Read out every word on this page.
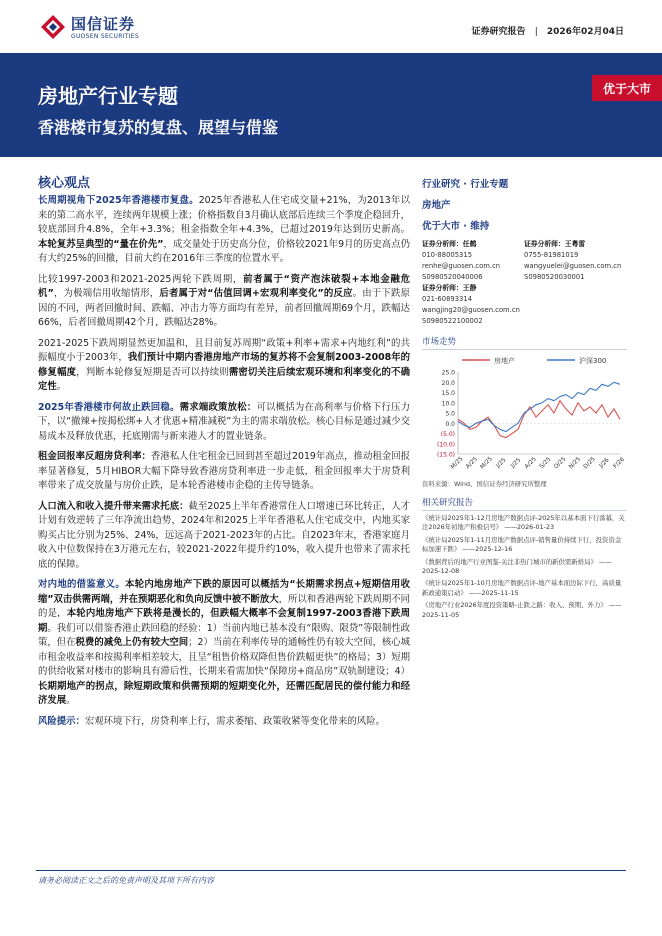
国信证券
GUOSEN SECURITIES	证券研究报告 | 2026年02月04日
房地产行业专题
香港楼市复苏的复盘、展望与借鉴
优于大市
核心观点

长周期视角下2025年香港楼市复盘。2025年香港私人住宅成交量+21%，为2013年以来的第二高水平，连续两年规模上涨；价格指数自3月确认底部后连续三个季度企稳回升，较底部回升4.8%，全年+3.3%；租金指数全年+4.3%，已超过2019年达到历史新高。本轮复苏呈典型的“量在价先”，成交量处于历史高分位，价格较2021年9月的历史高点仍有大约25%的回撤，目前大约在2016年三季度的位置水平。

比较1997-2003和2021-2025两轮下跌周期，前者属于“资产泡沫破裂+本地金融危机”，为极端信用收缩情形，后者属于对“估值回调+宏观利率变化”的反应。由于下跌原因的不同，两者回撤时间、跌幅、冲击力等方面均有差异，前者回撤周期69个月，跌幅达66%，后者回撤周期42个月，跌幅达28%。

2021-2025下跌周期显然更加温和，且目前复苏周期“政策+利率+需求+内地红利”的共振幅度小于2003年，我们预计中期内香港房地产市场的复苏将不会复制2003-2008年的修复幅度，判断本轮修复短期是否可以持续则需密切关注后续宏观环境和利率变化的不确定性。

2025年香港楼市何故止跌回稳。需求端政策放松：可以概括为在高利率与价格下行压力下，以“撤辣+按揭松绑+人才优惠+精准减税”为主的需求端放松。核心目标是通过减少交易成本及释放优惠，托底刚需与新来港人才的置业链条。

租金回报率反超房贷利率：香港私人住宅租金已回到甚至超过2019年高点，推动租金回报率显著修复，5月HIBOR大幅下降导致香港房贷利率进一步走低，租金回报率大于房贷利率带来了成交放量与房价止跌，是本轮香港楼市企稳的主传导链条。

人口流入和收入提升带来需求托底：截至2025上半年香港常住人口增速已环比转正，人才计划有效逆转了三年净流出趋势，2024年和2025上半年香港私人住宅成交中，内地买家购买占比分别为25%、24%，远远高于2021-2023年的占比。自2023年末，香港家庭月收入中位数保持在3万港元左右，较2021-2022年提升约10%，收入提升也带来了需求托底的保障。

对内地的借鉴意义。本轮内地房地产下跌的原因可以概括为“长期需求拐点+短期信用收缩”双击供需两端，并在预期恶化和负向反馈中被不断放大，所以和香港两轮下跌周期不同的是，本轮内地房地产下跌将是漫长的，但跌幅大概率不会复制1997-2003香港下跌周期。我们可以借鉴香港止跌回稳的经验：1）当前内地已基本没有“限购、限贷”等限制性政策，但在税费的减免上仍有较大空间；2）当前在利率传导的通畅性仍有较大空间，核心城市租金收益率和按揭利率相差较大，且呈“租售价格双降但售价跌幅更快”的格局；3）短期的供给收紧对楼市的影响具有滞后性，长期来看需加快“保障房+商品房”双轨制建设；4）长期期地产的拐点，除短期政策和供需预期的短期变化外，还需匹配居民的偿付能力和经济发展。

风险提示：宏观环境下行，房贷利率上行，需求萎缩、政策收紧等变化带来的风险。

行业研究 · 行业专题
房地产
优于大市 · 维持
证券分析师：任鹤
010-88005315
renhe@guosen.com.cn
S0980520040006
证券分析师：王粤雷
0755-81981019
wangyuelei@guosen.com.cn
S0980520030001
证券分析师：王静
021-60893314
wangjing20@guosen.com.cn
S0980522100002
市场走势
房地产	沪深300
25.0
20.0
15.0
10.0
5.0
0.0
(5.0)
(10.0)
(15.0)
M/25 A/25 M/25 J/25 J/25 A/25 S/25 O/25 N/25 D/25 J/26 F/26
资料来源：Wind、国信证券经济研究所整理
相关研究报告
《统计局2025年1-12月房地产数据点评-2025年以基本面下行落幕，关注2026年初地产积极信号》 ——2026-01-23
《统计局2025年1-11月房地产数据点评-销售量价持续下行，投资资金标加速下跌》 ——2025-12-16
《数据背后的地产行业图鉴-关注非热门城市的新供需新格局》 ——2025-12-08
《统计局2025年1-10月房地产数据点评-地产基本面边际下行，高质量新政通策启动》 ——2025-11-15
《房地产行业2026年度投资策略-止跌之路：收入、预期、外力》 ——2025-11-05
请务必阅读正文之后的免责声明及其项下所有内容
